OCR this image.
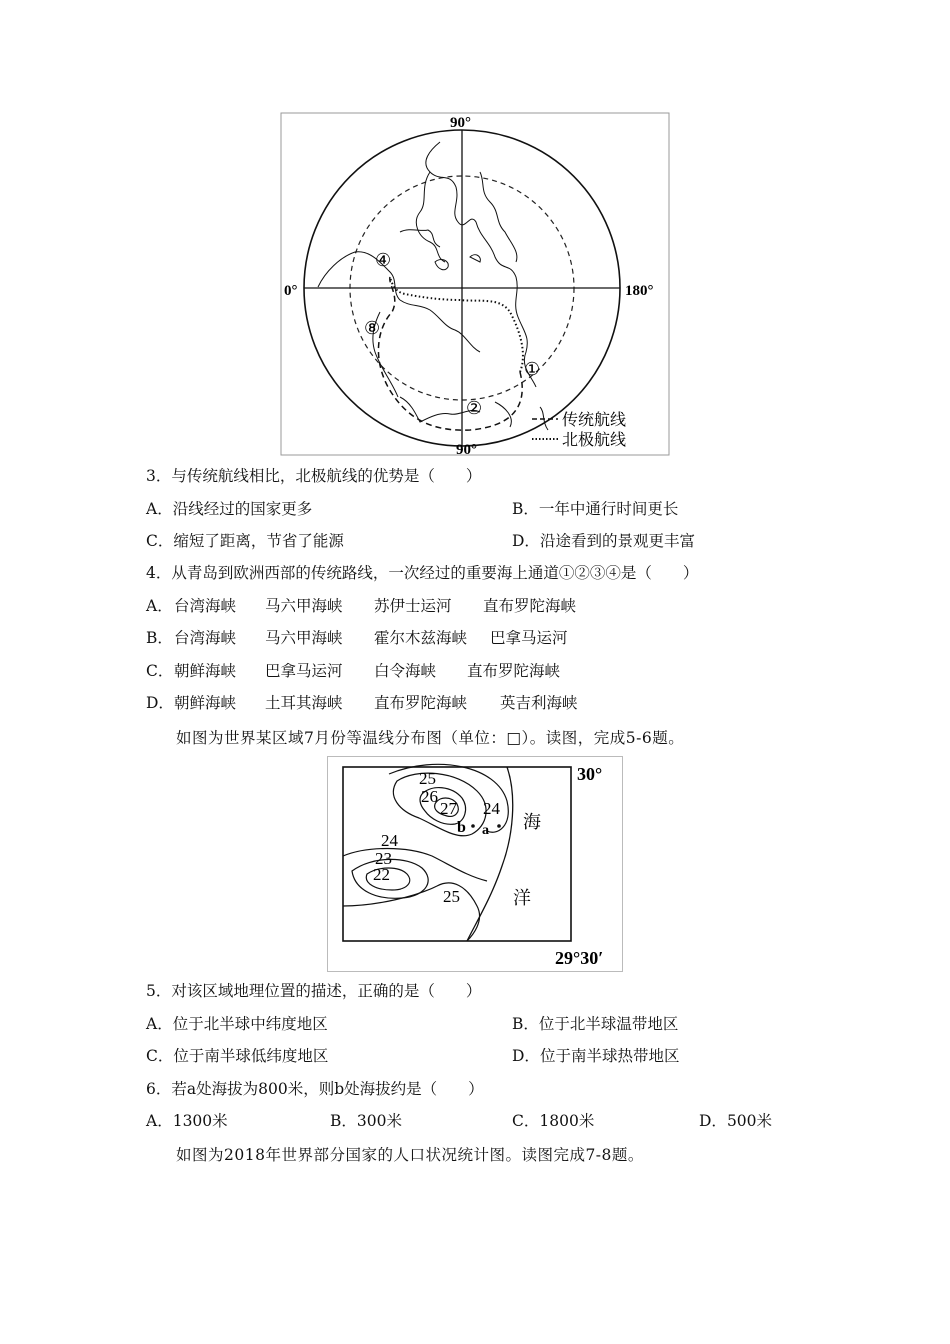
90°
90°
0°	180°
①
②
⑧
④
传统航线
北极航线
3．与传统航线相比，北极航线的优势是（　　）
A．沿线经过的国家更多	B．一年中通行时间更长
C．缩短了距离，节省了能源	D．沿途看到的景观更丰富
4．从青岛到欧洲西部的传统路线，一次经过的重要海上通道①②③④是（　　）
A． 台湾海峡 马六甲海峡 苏伊士运河 直布罗陀海峡
B． 台湾海峡 马六甲海峡 霍尔木兹海峡 巴拿马运河
C． 朝鲜海峡 巴拿马运河 白令海峡 直布罗陀海峡
D． 朝鲜海峡 土耳其海峡 直布罗陀海峡 英吉利海峡
如图为世界某区域7月份等温线分布图（单位：□）。读图，完成5-6题。
30°
29°30′
海
洋
25
26
27 24
24
23
22
25
b a
5．对该区域地理位置的描述，正确的是（　　）
A．位于北半球中纬度地区	B．位于北半球温带地区
C．位于南半球低纬度地区	D．位于南半球热带地区
6．若a处海拔为800米，则b处海拔约是（　　）
A．1300米	B．300米	C．1800米	D．500米
如图为2018年世界部分国家的人口状况统计图。读图完成7-8题。
